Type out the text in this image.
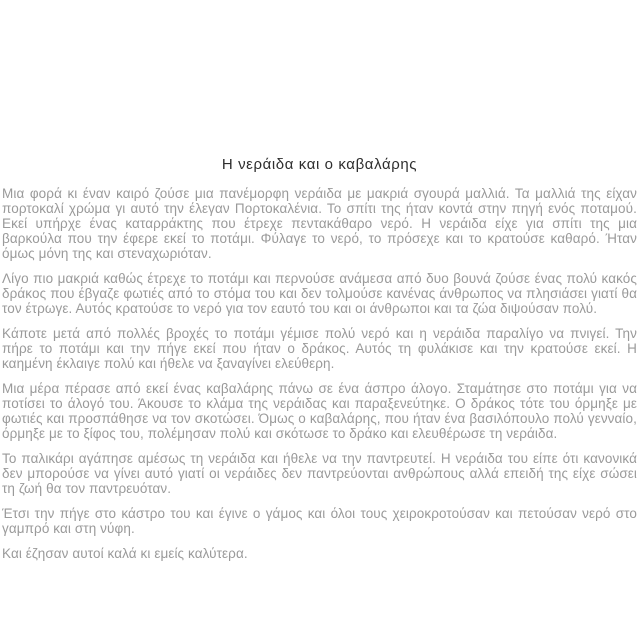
Η νεράιδα και ο καβαλάρης

Μια φορά κι έναν καιρό ζούσε μια πανέμορφη νεράιδα με μακριά σγουρά μαλλιά. Τα μαλλιά της είχαν πορτοκαλί χρώμα γι αυτό την έλεγαν Πορτοκαλένια. Το σπίτι της ήταν κοντά στην πηγή ενός ποταμού. Εκεί υπήρχε ένας καταρράκτης που έτρεχε πεντακάθαρο νερό. Η νεράιδα είχε για σπίτι της μια βαρκούλα που την έφερε εκεί το ποτάμι. Φύλαγε το νερό, το πρόσεχε και το κρατούσε καθαρό. Ήταν όμως μόνη της και στεναχωριόταν.

Λίγο πιο μακριά καθώς έτρεχε το ποτάμι και περνούσε ανάμεσα από δυο βουνά ζούσε ένας πολύ κακός δράκος που έβγαζε φωτιές από το στόμα του και δεν τολμούσε κανένας άνθρωπος να πλησιάσει γιατί θα τον έτρωγε. Αυτός κρατούσε το νερό για τον εαυτό του και οι άνθρωποι και τα ζώα διψούσαν πολύ.

Κάποτε μετά από πολλές βροχές το ποτάμι γέμισε πολύ νερό και η νεράιδα παραλίγο να πνιγεί. Την πήρε το ποτάμι και την πήγε εκεί που ήταν ο δράκος. Αυτός τη φυλάκισε και την κρατούσε εκεί. Η καημένη έκλαιγε πολύ και ήθελε να ξαναγίνει ελεύθερη.

Μια μέρα πέρασε από εκεί ένας καβαλάρης πάνω σε ένα άσπρο άλογο. Σταμάτησε στο ποτάμι για να ποτίσει το άλογό του. Άκουσε το κλάμα της νεράιδας και παραξενεύτηκε. Ο δράκος τότε του όρμηξε με φωτιές και προσπάθησε να τον σκοτώσει. Όμως ο καβαλάρης, που ήταν ένα βασιλόπουλο πολύ γενναίο, όρμηξε με το ξίφος του, πολέμησαν πολύ και σκότωσε το δράκο και ελευθέρωσε τη νεράιδα.

Το παλικάρι αγάπησε αμέσως τη νεράιδα και ήθελε να την παντρευτεί. Η νεράιδα του είπε ότι κανονικά δεν μπορούσε να γίνει αυτό γιατί οι νεράιδες δεν παντρεύονται ανθρώπους αλλά επειδή της είχε σώσει τη ζωή θα τον παντρευόταν.

Έτσι την πήγε στο κάστρο του και έγινε ο γάμος και όλοι τους χειροκροτούσαν και πετούσαν νερό στο γαμπρό και στη νύφη.

Και έζησαν αυτοί καλά κι εμείς καλύτερα.
